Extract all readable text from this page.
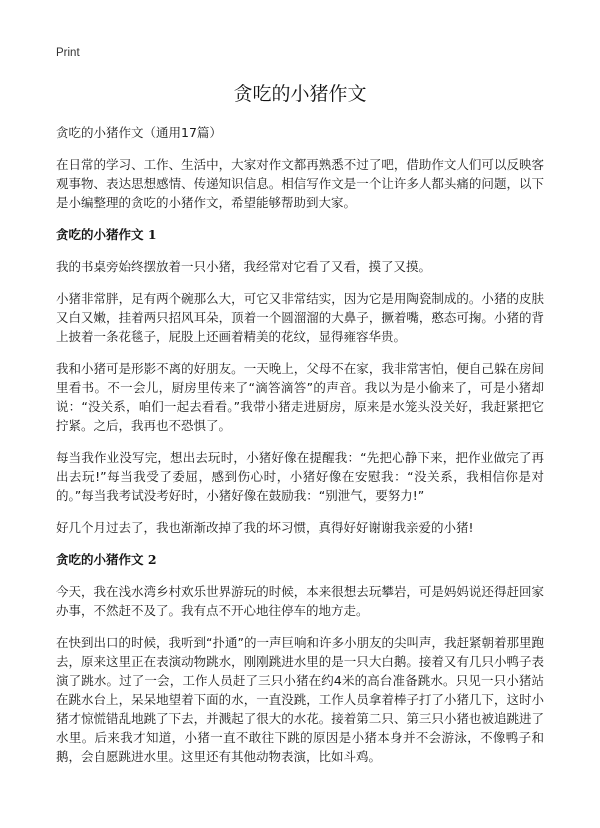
Print
贪吃的小猪作文

贪吃的小猪作文（通用17篇）

在日常的学习、工作、生活中，大家对作文都再熟悉不过了吧，借助作文人们可以反映客观事物、表达思想感情、传递知识信息。相信写作文是一个让许多人都头痛的问题，以下是小编整理的贪吃的小猪作文，希望能够帮助到大家。

贪吃的小猪作文 1

我的书桌旁始终摆放着一只小猪，我经常对它看了又看，摸了又摸。

小猪非常胖，足有两个碗那么大，可它又非常结实，因为它是用陶瓷制成的。小猪的皮肤又白又嫩，挂着两只招风耳朵，顶着一个圆溜溜的大鼻子，撅着嘴，憨态可掬。小猪的背上披着一条花毯子，屁股上还画着精美的花纹，显得雍容华贵。

我和小猪可是形影不离的好朋友。一天晚上，父母不在家，我非常害怕，便自己躲在房间里看书。不一会儿，厨房里传来了“滴答滴答”的声音。我以为是小偷来了，可是小猪却说：“没关系，咱们一起去看看。”我带小猪走进厨房，原来是水笼头没关好，我赶紧把它拧紧。之后，我再也不恐惧了。

每当我作业没写完，想出去玩时，小猪好像在提醒我：“先把心静下来，把作业做完了再出去玩!”每当我受了委屈，感到伤心时，小猪好像在安慰我：“没关系，我相信你是对的。”每当我考试没考好时，小猪好像在鼓励我：“别泄气，要努力!”

好几个月过去了，我也渐渐改掉了我的坏习惯，真得好好谢谢我亲爱的小猪!

贪吃的小猪作文 2

今天，我在浅水湾乡村欢乐世界游玩的时候，本来很想去玩攀岩，可是妈妈说还得赶回家办事，不然赶不及了。我有点不开心地往停车的地方走。

在快到出口的时候，我听到“扑通”的一声巨响和许多小朋友的尖叫声，我赶紧朝着那里跑去，原来这里正在表演动物跳水，刚刚跳进水里的是一只大白鹅。接着又有几只小鸭子表演了跳水。过了一会，工作人员赶了三只小猪在约4米的高台准备跳水。只见一只小猪站在跳水台上，呆呆地望着下面的水，一直没跳，工作人员拿着棒子打了小猪几下，这时小猪才惊慌错乱地跳了下去，并溅起了很大的水花。接着第二只、第三只小猪也被追跳进了水里。后来我才知道，小猪一直不敢往下跳的原因是小猪本身并不会游泳，不像鸭子和鹅，会自愿跳进水里。这里还有其他动物表演，比如斗鸡。
